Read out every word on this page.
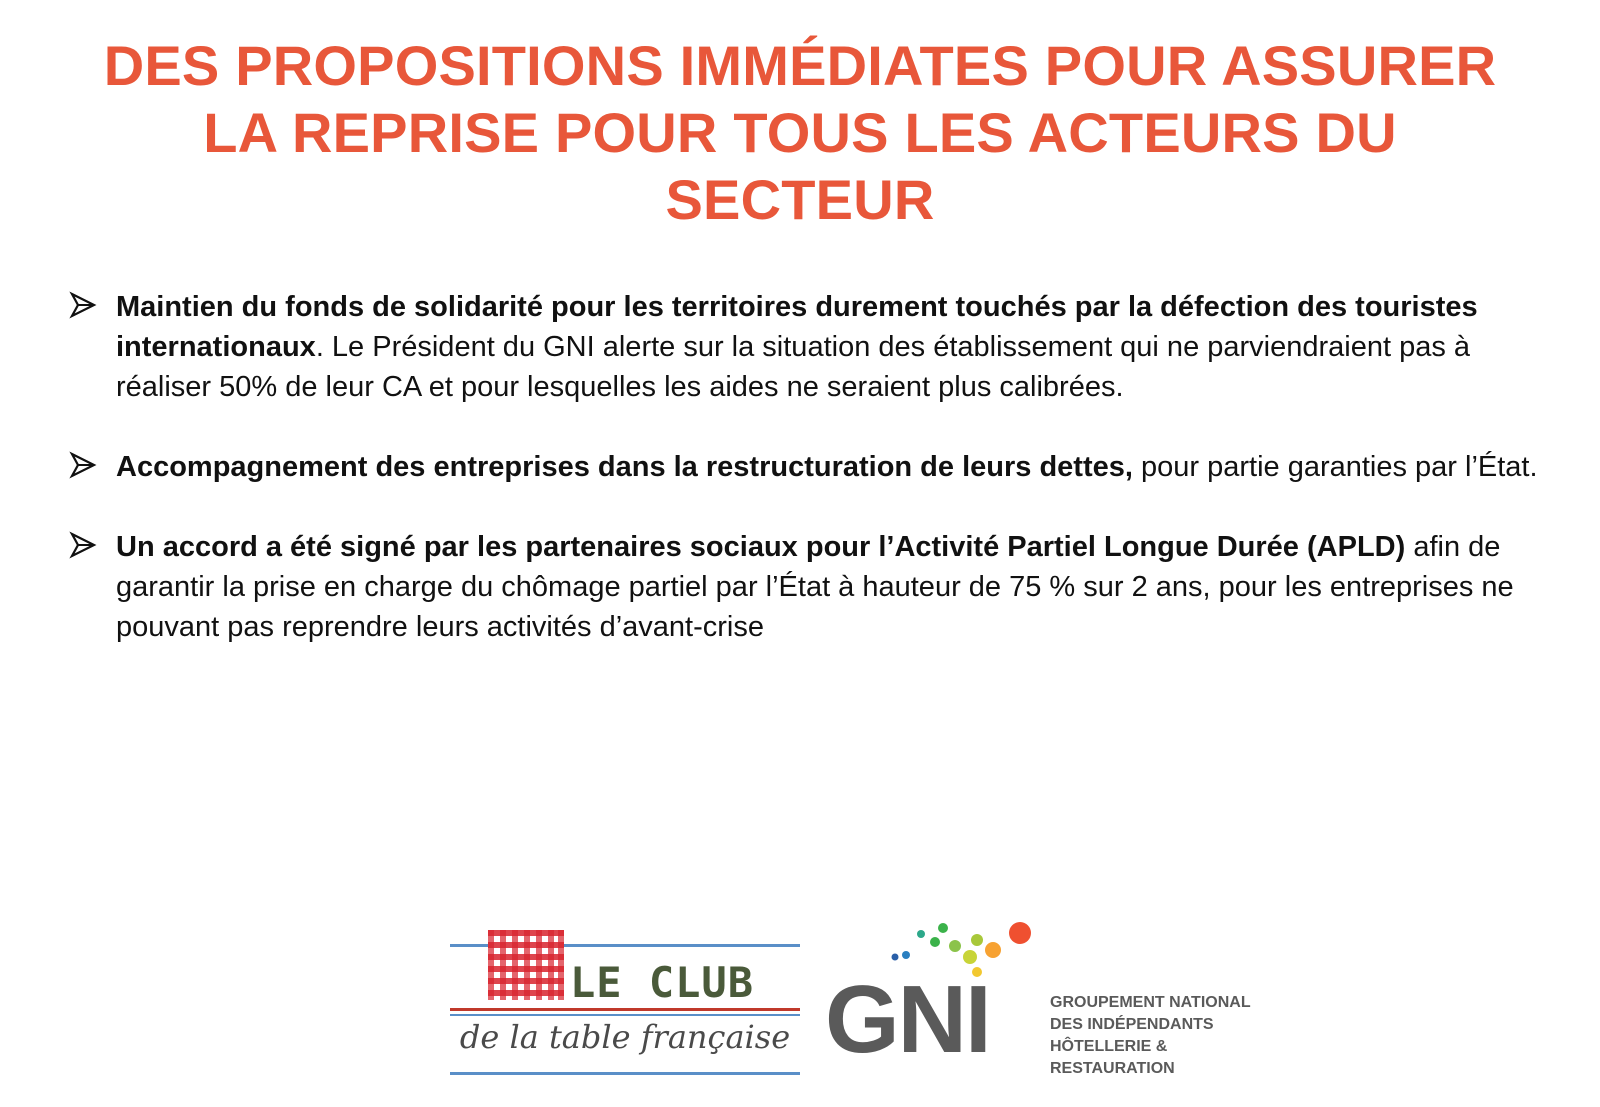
DES PROPOSITIONS IMMÉDIATES POUR ASSURER
LA REPRISE POUR TOUS LES ACTEURS DU
SECTEUR
Maintien du fonds de solidarité pour les territoires durement touchés par la défection des touristes internationaux. Le Président du GNI alerte sur la situation des établissement qui ne parviendraient pas à réaliser 50% de leur CA et pour lesquelles les aides ne seraient plus calibrées.
Accompagnement des entreprises dans la restructuration de leurs dettes, pour partie garanties par l’État.
Un accord a été signé par les partenaires sociaux pour l’Activité Partiel Longue Durée (APLD) afin de garantir la prise en charge du chômage partiel par l’État à hauteur de 75 % sur 2 ans, pour les entreprises ne pouvant pas reprendre leurs activités d’avant-crise
LE CLUB
de la table française GNI	GROUPEMENT NATIONAL
DES INDÉPENDANTS
HÔTELLERIE &
RESTAURATION
